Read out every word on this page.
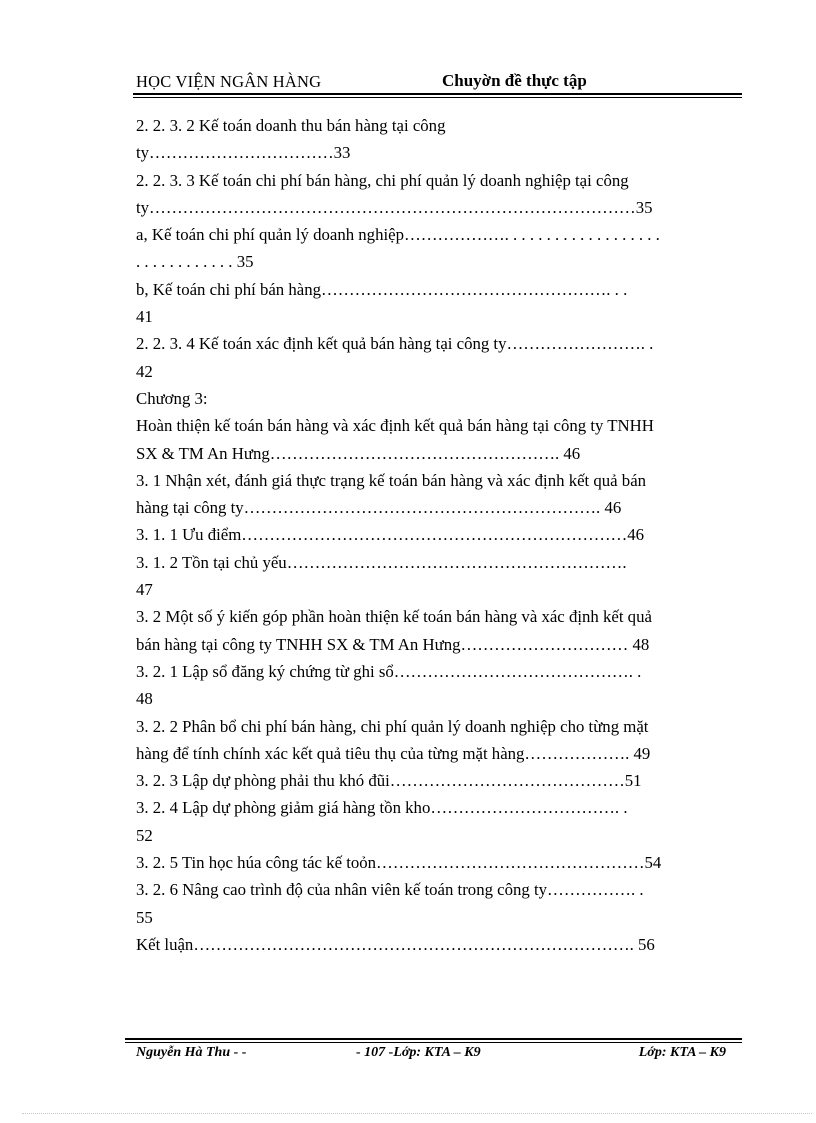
HỌC VIỆN NGÂN HÀNG	Chuyờn đề thực tập
2. 2. 3. 2 Kế toán doanh thu bán hàng tại công
ty……………………………33
2. 2. 3. 3 Kế toán chi phí bán hàng, chi phí quản lý doanh nghiệp tại công
ty……………………………………………………………………………35
a, Kế toán chi phí quản lý doanh nghiệp………………. . . . . . . . . . . . . . . . . . .
. . . . . . . . . . . . 35
b, Kế toán chi phí bán hàng……………………………………………. . .
41
2. 2. 3. 4 Kế toán xác định kết quả bán hàng tại công ty……………………. .
42
Chương 3:
Hoàn thiện kế toán bán hàng và xác định kết quả bán hàng tại công ty TNHH
SX & TM An Hưng……………………………………………. 46
3. 1 Nhận xét, đánh giá thực trạng kế toán bán hàng và xác định kết quả bán
hàng tại công ty………………………………………………………. 46
3. 1. 1 Ưu điểm……………………………………………………………46
3. 1. 2 Tồn tại chủ yếu…………………………………………………….
47
3. 2 Một số ý kiến góp phần hoàn thiện kế toán bán hàng và xác định kết quả
bán hàng tại công ty TNHH SX & TM An Hưng………………………… 48
3. 2. 1 Lập sổ đăng ký chứng từ ghi sổ……………………………………. .
48
3. 2. 2 Phân bổ chi phí bán hàng, chi phí quản lý doanh nghiệp cho từng mặt
hàng để tính chính xác kết quả tiêu thụ của từng mặt hàng………………. 49
3. 2. 3 Lập dự phòng phải thu khó đũi……………………………………51
3. 2. 4 Lập dự phòng giảm giá hàng tồn kho……………………………. .
52
3. 2. 5 Tin học húa công tác kế toỏn…………………………………………54
3. 2. 6 Nâng cao trình độ của nhân viên kế toán trong công ty……………. .
55
Kết luận……………………………………………………………………. 56
Nguyễn Hà Thu - -	- 107 -Lớp: KTA – K9	Lớp: KTA – K9
